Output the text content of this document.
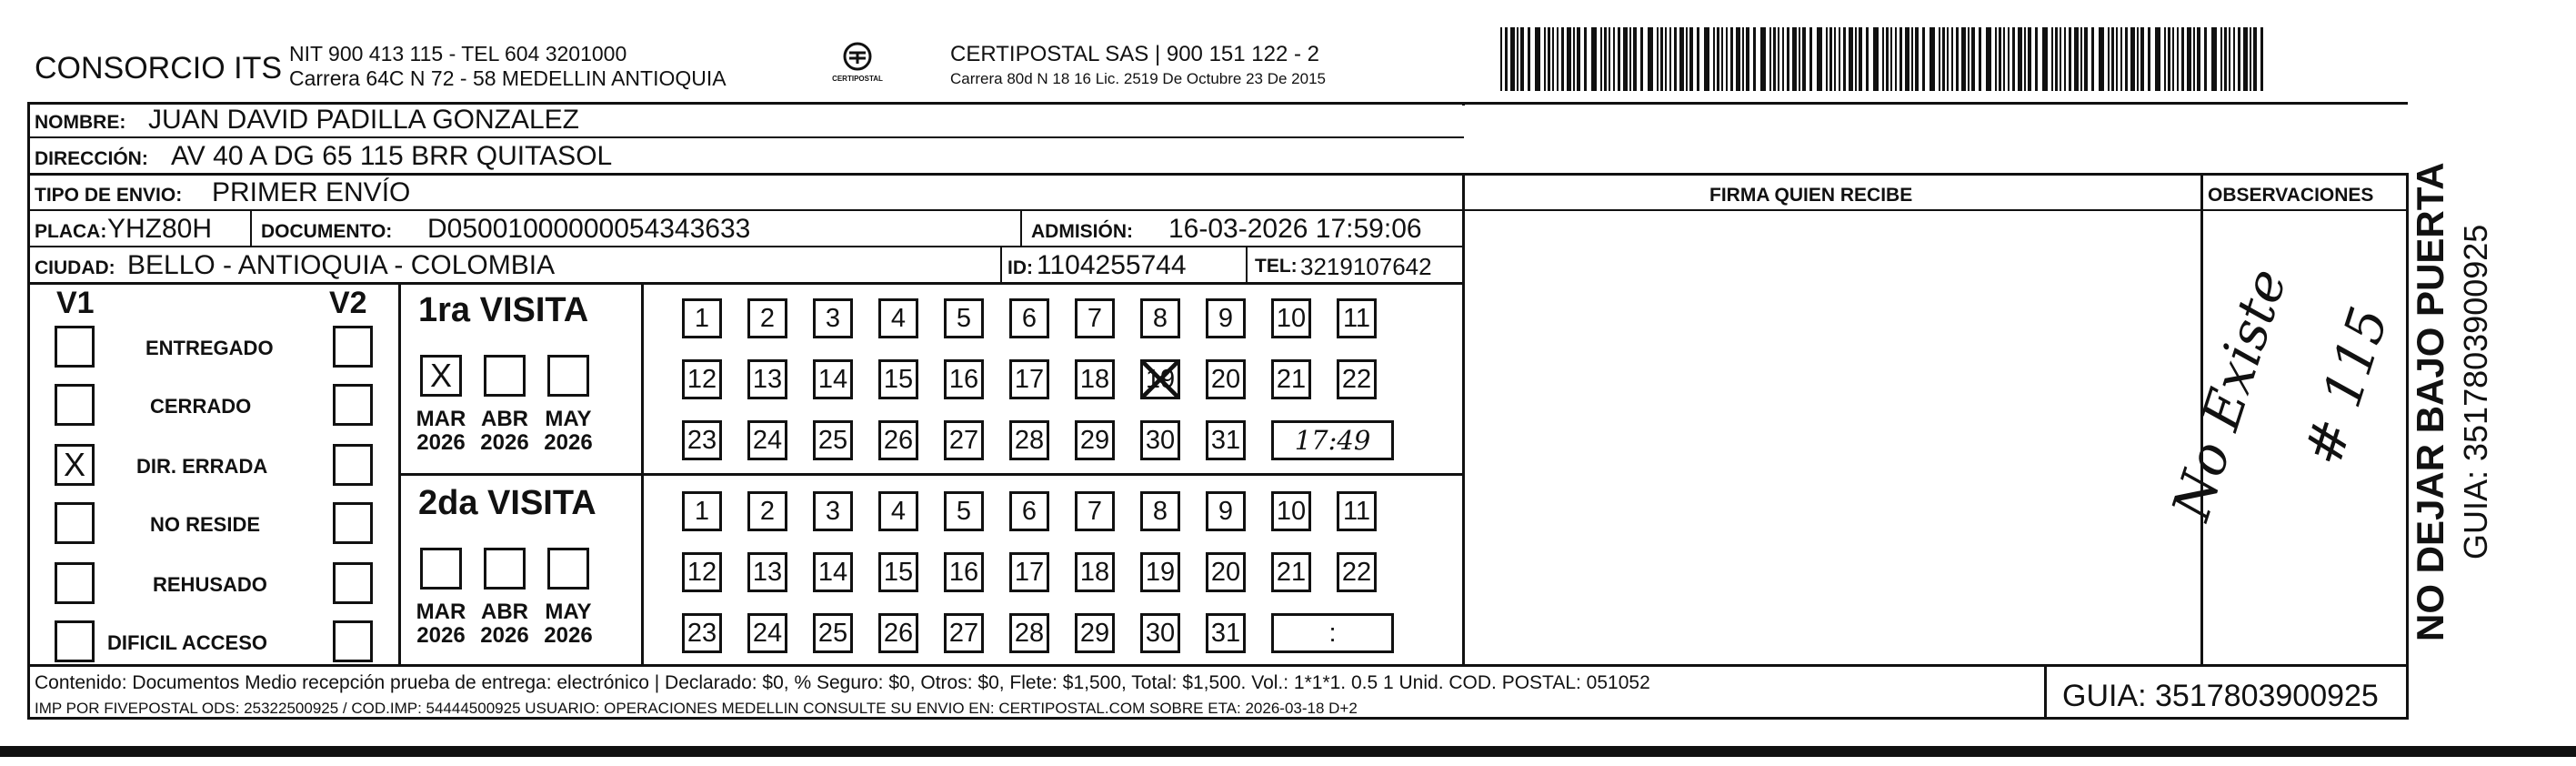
CONSORCIO ITS NIT 900 413 115 - TEL 604 3201000
Carrera 64C N 72 - 58 MEDELLIN ANTIOQUIA	CERTIPOSTAL
CERTIPOSTAL SAS | 900 151 122 - 2
Carrera 80d N 18 16 Lic. 2519 De Octubre 23 De 2015
NOMBRE: JUAN DAVID PADILLA GONZALEZ
DIRECCIÓN: AV 40 A DG 65 115 BRR QUITASOL
TIPO DE ENVIO: PRIMER ENVÍO	FIRMA QUIEN RECIBE	OBSERVACIONES
PLACA: YHZ80H	DOCUMENTO: D05001000000054343633	ADMISIÓN: 16-03-2026 17:59:06
CIUDAD: BELLO - ANTIOQUIA - COLOMBIA	ID: 1104255744	TEL: 3219107642
V1	V2
ENTREGADO
CERRADO
X	DIR. ERRADA
NO RESIDE
REHUSADO
DIFICIL ACCESO
1ra VISITA
X
MAR
2026
ABR
2026
MAY
2026
1	2	3	4	5	6	7	8	9	10 11
12 13 14 15 16 17 18 19 20 21 22
23 24 25 26 27 28 29 30 31	17:49
2da VISITA
MAR
2026
ABR
2026
MAY
2026
1	2	3	4	5	6	7	8	9	10 11
12 13 14 15 16 17 18 19 20 21 22
23 24 25 26 27 28 29 30 31	:
No Existe
# 115 NO DEJAR BAJO PUERTA GUIA: 3517803900925
Contenido: Documentos Medio recepción prueba de entrega: electrónico | Declarado: $0, % Seguro: $0, Otros: $0, Flete: $1,500, Total: $1,500. Vol.: 1*1*1. 0.5 1 Unid. COD. POSTAL: 051052
IMP POR FIVEPOSTAL ODS: 25322500925 / COD.IMP: 54444500925 USUARIO: OPERACIONES MEDELLIN CONSULTE SU ENVIO EN: CERTIPOSTAL.COM SOBRE ETA: 2026-03-18 D+2	GUIA: 3517803900925
